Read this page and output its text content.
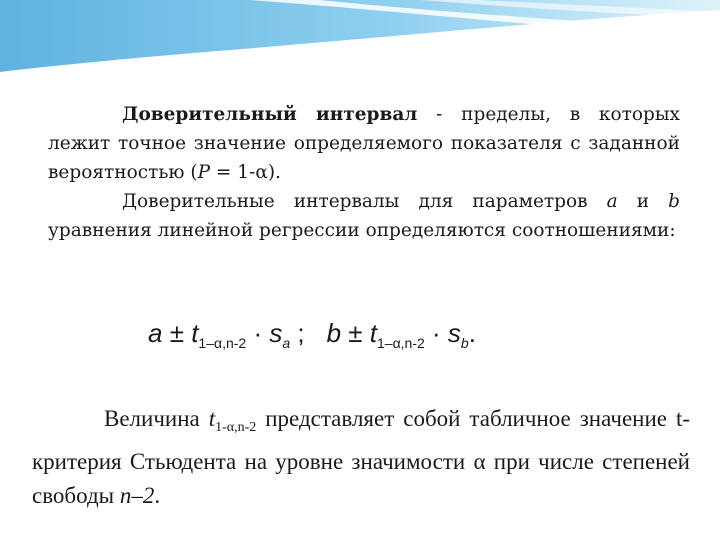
Доверительный интервал - пределы, в которых лежит точное значение определяемого показателя с заданной вероятностью (P = 1-α).

Доверительные интервалы для параметров a и b уравнения линейной регрессии определяются соотношениями:

$a \pm t_{1-\alpha,n-2} \cdot s_a$ ; $b \pm t_{1-\alpha,n-2} \cdot s_b$.

Величина $t_{1-\alpha,n-2}$ представляет собой табличное значение t-критерия Стьюдента на уровне значимости α при числе степеней свободы n–2.
